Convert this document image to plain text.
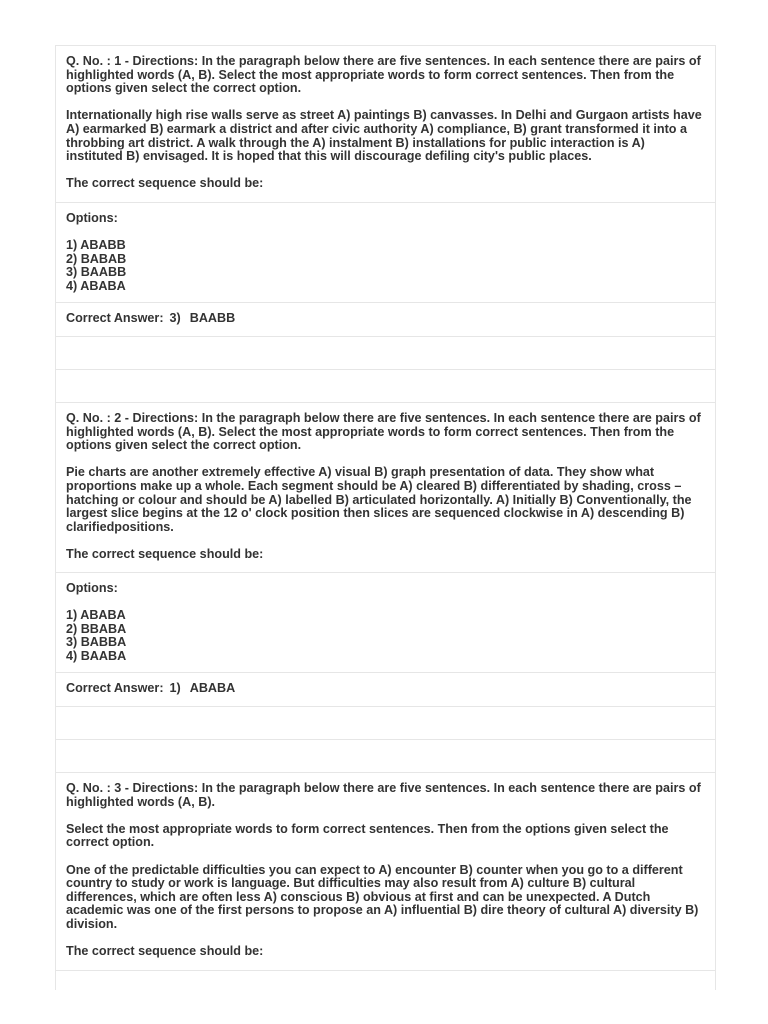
Q. No. : 1 - Directions: In the paragraph below there are five sentences. In each sentence there are pairs of highlighted words (A, B). Select the most appropriate words to form correct sentences. Then from the options given select the correct option.

Internationally high rise walls serve as street A) paintings B) canvasses. In Delhi and Gurgaon artists have A) earmarked B) earmark a district and after civic authority A) compliance, B) grant transformed it into a throbbing art district. A walk through the A) instalment B) installations for public interaction is A) instituted B) envisaged. It is hoped that this will discourage defiling city's public places.

The correct sequence should be:

Options:

1) ABABB
2) BABAB
3) BAABB
4) ABABA
Correct Answer: 3) BAABB

Q. No. : 2 - Directions: In the paragraph below there are five sentences. In each sentence there are pairs of highlighted words (A, B). Select the most appropriate words to form correct sentences. Then from the options given select the correct option.

Pie charts are another extremely effective A) visual B) graph presentation of data. They show what proportions make up a whole. Each segment should be A) cleared B) differentiated by shading, cross – hatching or colour and should be A) labelled B) articulated horizontally. A) Initially B) Conventionally, the largest slice begins at the 12 o' clock position then slices are sequenced clockwise in A) descending B) clarifiedpositions.

The correct sequence should be:

Options:

1) ABABA
2) BBABA
3) BABBA
4) BAABA
Correct Answer: 1) ABABA

Q. No. : 3 - Directions: In the paragraph below there are five sentences. In each sentence there are pairs of highlighted words (A, B).

Select the most appropriate words to form correct sentences. Then from the options given select the correct option.

One of the predictable difficulties you can expect to A) encounter B) counter when you go to a different country to study or work is language. But difficulties may also result from A) culture B) cultural differences, which are often less A) conscious B) obvious at first and can be unexpected. A Dutch academic was one of the first persons to propose an A) influential B) dire theory of cultural A) diversity B) division.

The correct sequence should be:
